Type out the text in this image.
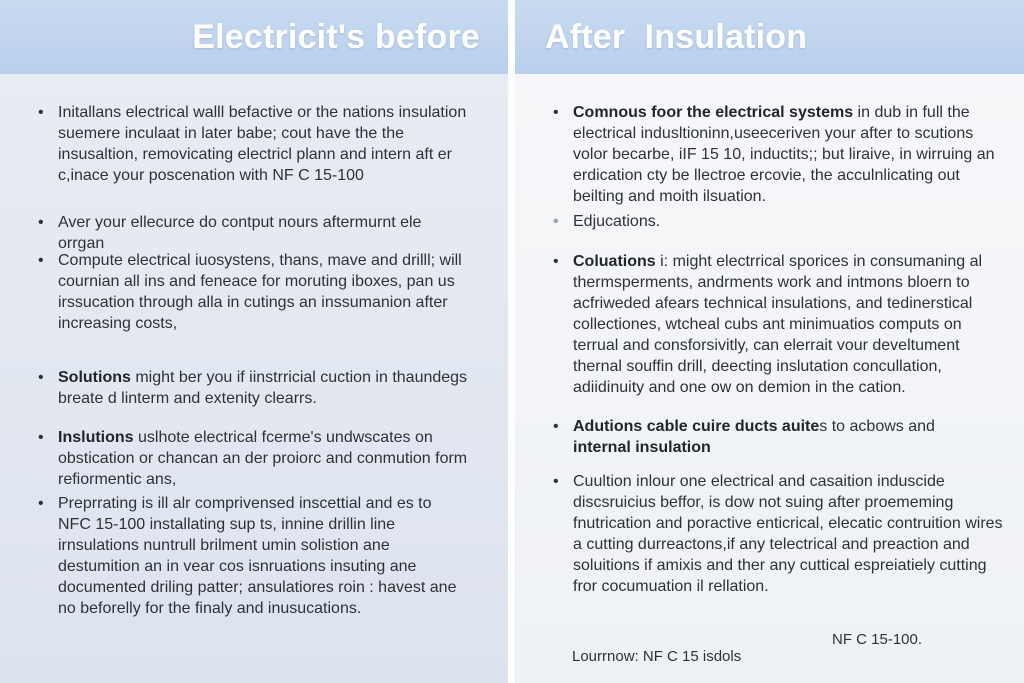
Electricit's before
• Initallans electrical walll befactive or the nations insulation suemere inculaat in later babe; cout have the the insusaltion, removicating electricl plann and intern aft er c,inace your poscenation with NF C 15-100
• Aver your ellecurce do contput nours aftermurnt ele orrgan
• Compute electrical iuosystens, thans, mave and drilll; will cournian all ins and feneace for moruting iboxes, pan us irssucation through alla in cutings an inssumanion after increasing costs,
• Solutions might ber you if iinstrricial cuction in thaundegs breate d linterm and extenity clearrs.
• Inslutions uslhote electrical fcerme's undwscates on obstication or chancan an der proiorc and conmution form refiormentic ans,
• Preprrating is ill alr comprivensed inscettial and es to NFC 15-100 installating sup ts, innine drillin line irnsulations nuntrull brilment umin solistion ane destumition an in vear cos isnruations insuting ane documented driling patter; ansulatiores roin : havest ane no beforelly for the finaly and inusucations.
After  Insulation
• Comnous foor the electrical systems in dub in full the electrical indusltioninn,useeceriven your after to scutions volor becarbe, iIF 15 10, inductits;; but liraive, in wirruing an erdication cty be llectroe ercovie, the acculnlicating out beilting and moith ilsuation.
• Edjucations.
• Coluations i: might electrrical sporices in consumaning al thermsperments, andrments work and intmons bloern to acfriweded afears technical insulations, and tedinerstical collectiones, wtcheal cubs ant minimuatios computs on terrual and consforsivitly, can elerrait vour develtument thernal souffin drill, deecting inslutation concullation, adiidinuity and one ow on demion in the cation.
• Adutions cable cuire ducts auites to acbows and
internal insulation
• Cuultion inlour one electrical and casaition induscide discsruicius beffor, is dow not suing after proememing fnutrication and poractive enticrical, elecatic contruition wires a cutting durreactons,if any telectrical and preaction and soluitions if amixis and ther any cuttical espreiatiely cutting fror cocumuation il rellation.
NF C 15-100.
Lourrnow: NF C 15 isdols
